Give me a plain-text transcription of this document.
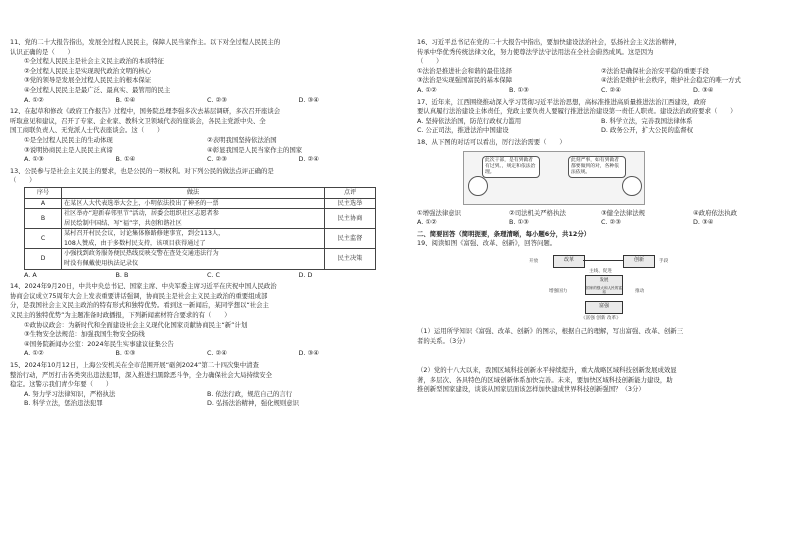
11、党的二十大报告指出，发展全过程人民民主，保障人民当家作主。以下对全过程人民民主的
认识正确的是（　　）
①全过程人民民主是社会主义民主政治的本质特征
②全过程人民民主是实现现代政治文明的核心
③党的领导是发展全过程人民民主的根本保证
④全过程人民民主是最广泛、最真实、最管用的民主
A. ①②	B. ①④	C. ②③	D. ③④
12、在起草和修改《政府工作报告》过程中，国务院总理李强多次去基层调研，多次召开座谈会
听取意见和建议，召开了专家、企业家、教科文卫领域代表的座谈会，各民主党派中央、全
国工商联负责人、无党派人士代表座谈会。这（　　）
①是全过程人民民主的生动体现	②表明我国坚持依法治国
③说明协商民主是人民民主真谛	④彰显我国是人民当家作主的国家
A. ①③	B. ①④	C. ②③	D. ②④
13、公民参与是社会主义民主的要求，也是公民的一项权利。对下列公民的做法点评正确的是
（　　）
序号	做法	点评
A	在某区人大代表选举大会上，小明依法投出了神圣的一票	民主选举
B	社区举办“迎新春邻里节”活动，居委会组织社区志愿者参
居民绘制中国结、写“福”字，共创和谐社区	民主协商
C	某村召开村民会议，讨论集体修路修建事宜，到会113人，
108人赞成，由于多数村民支持，该项目获得通过了	民主监督
D	小强找到政务服务便民热线反映交警在查处交通违法行为
时没有佩戴使用执法记录仪	民主决策
A. A	B. B	C. C	D. D
14、2024年9月20日，中共中央总书记、国家主席、中央军委主席习近平在庆祝中国人民政治
协商会议成立75周年大会上发表重要讲话强调，协商民主是社会主义民主政治的重要组成部
分，是我国社会主义民主政治的特有形式和独特优势。看到这一新闻后，某同学想以“社会主
义民主的独特优势”为主题准备时政播报，下列新闻素材符合要求的有（　　）
①政协议政会：为新时代和全面建设社会主义现代化国家贡献协商民主“新”计划
③生物安全法规范：加强我国生物安全防线
④国务院新闻办公室：2024年民生实事建议征集公告
A. ①②	B. ①③	C. ②④	D. ③④
15、2024年10月12日，上海公安机关在全市范围开展“砺剑2024”第二十四次集中清查
整治行动，严厉打击各类突出违法犯罪，深入推进扫黑除恶斗争，全力确保社会大局持续安全
稳定。这警示我们青少年要（　　）
A. 努力学习法律知识，严格执法	B. 依法行政，规范自己的言行
B. 科学立法，惩治违法犯罪	D. 弘扬法治精神，强化规则意识
16、习近平总书记在党的二十大报告中指出，要加快建设法治社会，弘扬社会主义法治精神，
传承中华优秀传统法律文化，努力使尊法学法守法用法在全社会蔚然成风。这是因为
（　　）
①法治是推进社会和谐的最佳选择	②法治是确保社会治安平稳的重要手段
③法治是实现强国富民的基本保障	④法治是维护社会秩序，维护社会稳定的唯一方式
A. ①②	B. ①③	C. ②④	D. ③④
17、近年来，江西围绕推动深入学习贯彻习近平法治思想，高标准推进高质量推进法治江西建设，政府
要认真履行法治建设主体责任，党政主要负责人要履行推进法治建设第一责任人职责。建设法治政府要求（　　）
A. 坚持依法治国，防范行政权力滥用	B. 科学立法，完善我国法律体系
C. 公正司法，推进法治中国建设	D. 政务公开，扩大公民的监督权
18、从下图的对话可以看出，厉行法治需要（　　）
此次干部，是有到做者有过到。，规定和依法治理。
此刻严事，如有到做者都要做到的对，各种依法依规。
①增强法律意识	②司法机关严格执法	③健全法律法规	④政府依法执政
A. ①②	B. ①③	C. ②③	D. ③④
二、简要回答（简明扼要，条理清晰，每小题6分，共12分）
19、阅读如图《富强、改革、创新》，回答问题。
改革	创新
发展
国家的强大和人民的富裕
富强
开放	手段
主线、促进
增强国力	推动
《富强 创新 改革》
（1）运用所学知识《富强、改革、创新》的图示，根据自己的理解，写出富强、改革、创新三
者的关系。（3分）
（2）党的十八大以来，我国区域科技创新水平持续提升，重大战略区域科技创新发展成效显
著，多层次、各具特色的区域创新体系加快完善。未来，要加快区域科技创新能力建设，助
推创新型国家建设，谈谈从国家层面该怎样加快建成世界科技创新强国？（3分）
